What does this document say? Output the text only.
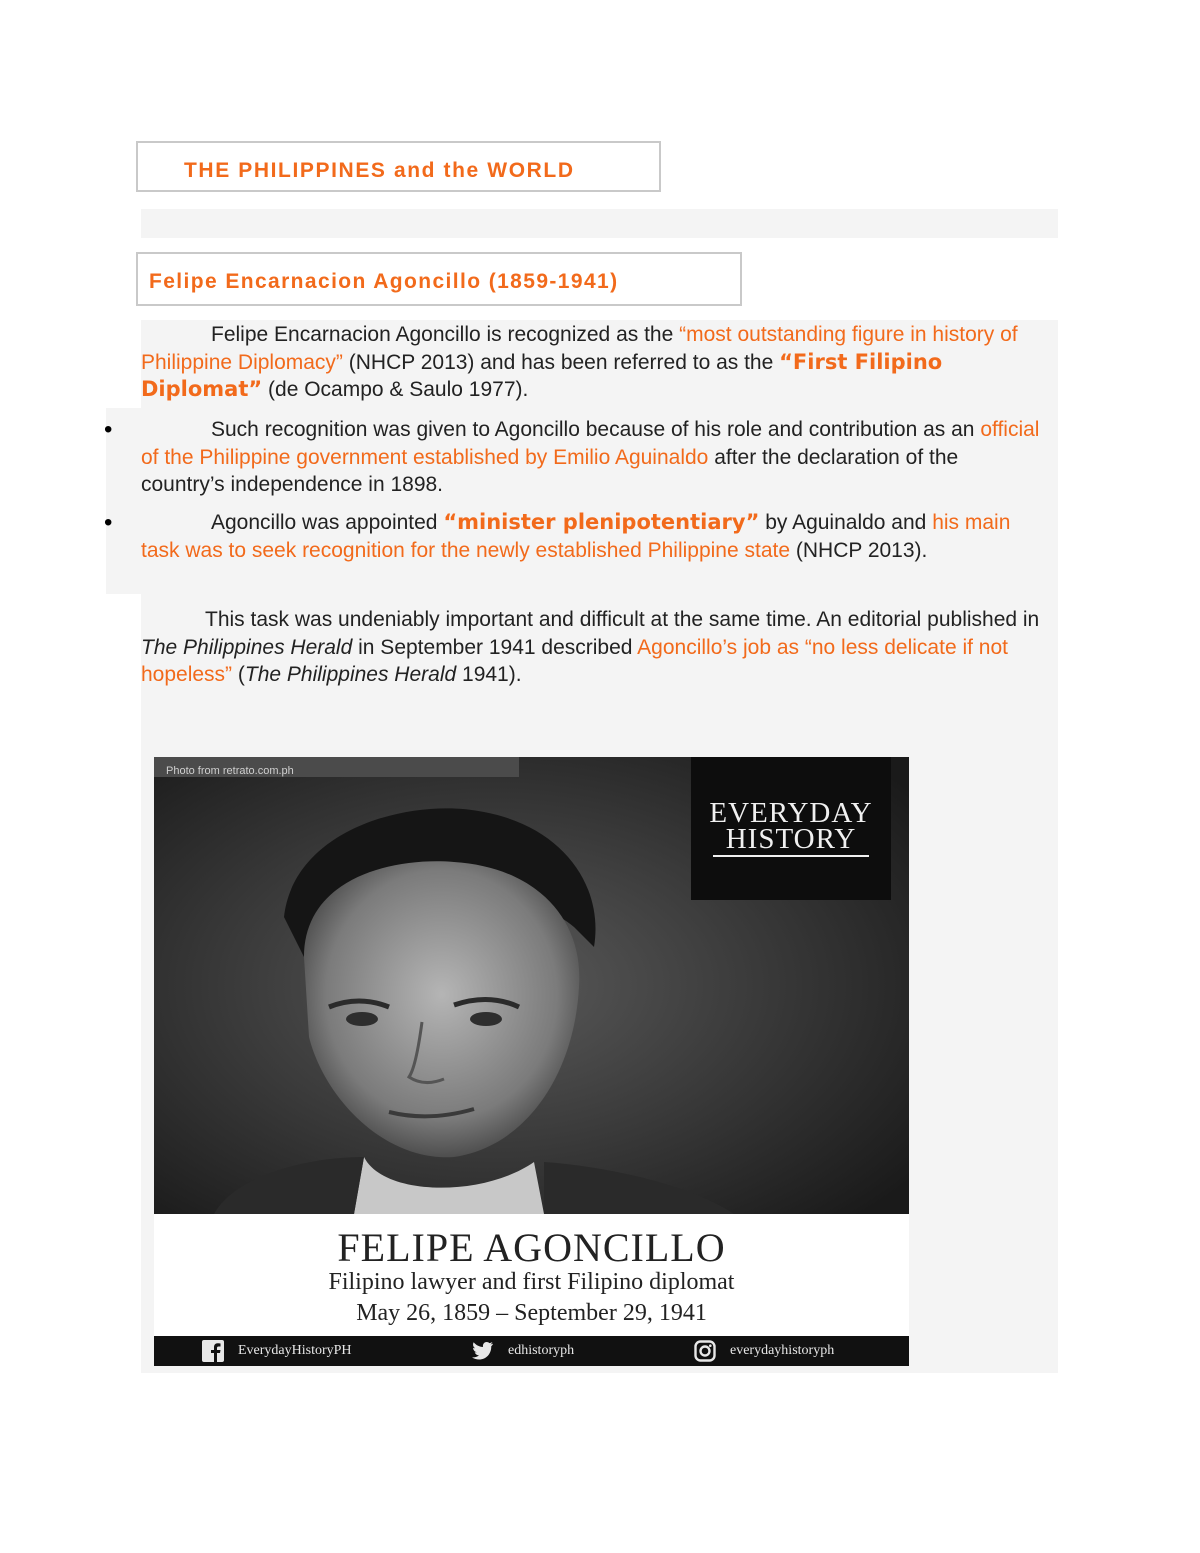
THE PHILIPPINES and the WORLD
Felipe Encarnacion Agoncillo (1859-1941)
Felipe Encarnacion Agoncillo is recognized as the “most outstanding figure in history of Philippine Diplomacy” (NHCP 2013) and has been referred to as the “First Filipino Diplomat” (de Ocampo & Saulo 1977).
•	Such recognition was given to Agoncillo because of his role and contribution as an official of the Philippine government established by Emilio Aguinaldo after the declaration of the country’s independence in 1898.
•	Agoncillo was appointed “minister plenipotentiary” by Aguinaldo and his main task was to seek recognition for the newly established Philippine state (NHCP 2013).
This task was undeniably important and difficult at the same time. An editorial published in The Philippines Herald in September 1941 described Agoncillo’s job as “no less delicate if not hopeless” (The Philippines Herald 1941).
Photo from retrato.com.ph
EVERYDAY
HISTORY
FELIPE AGONCILLO
Filipino lawyer and first Filipino diplomat
May 26, 1859 – September 29, 1941
EverydayHistoryPH	edhistoryph	everydayhistoryph
